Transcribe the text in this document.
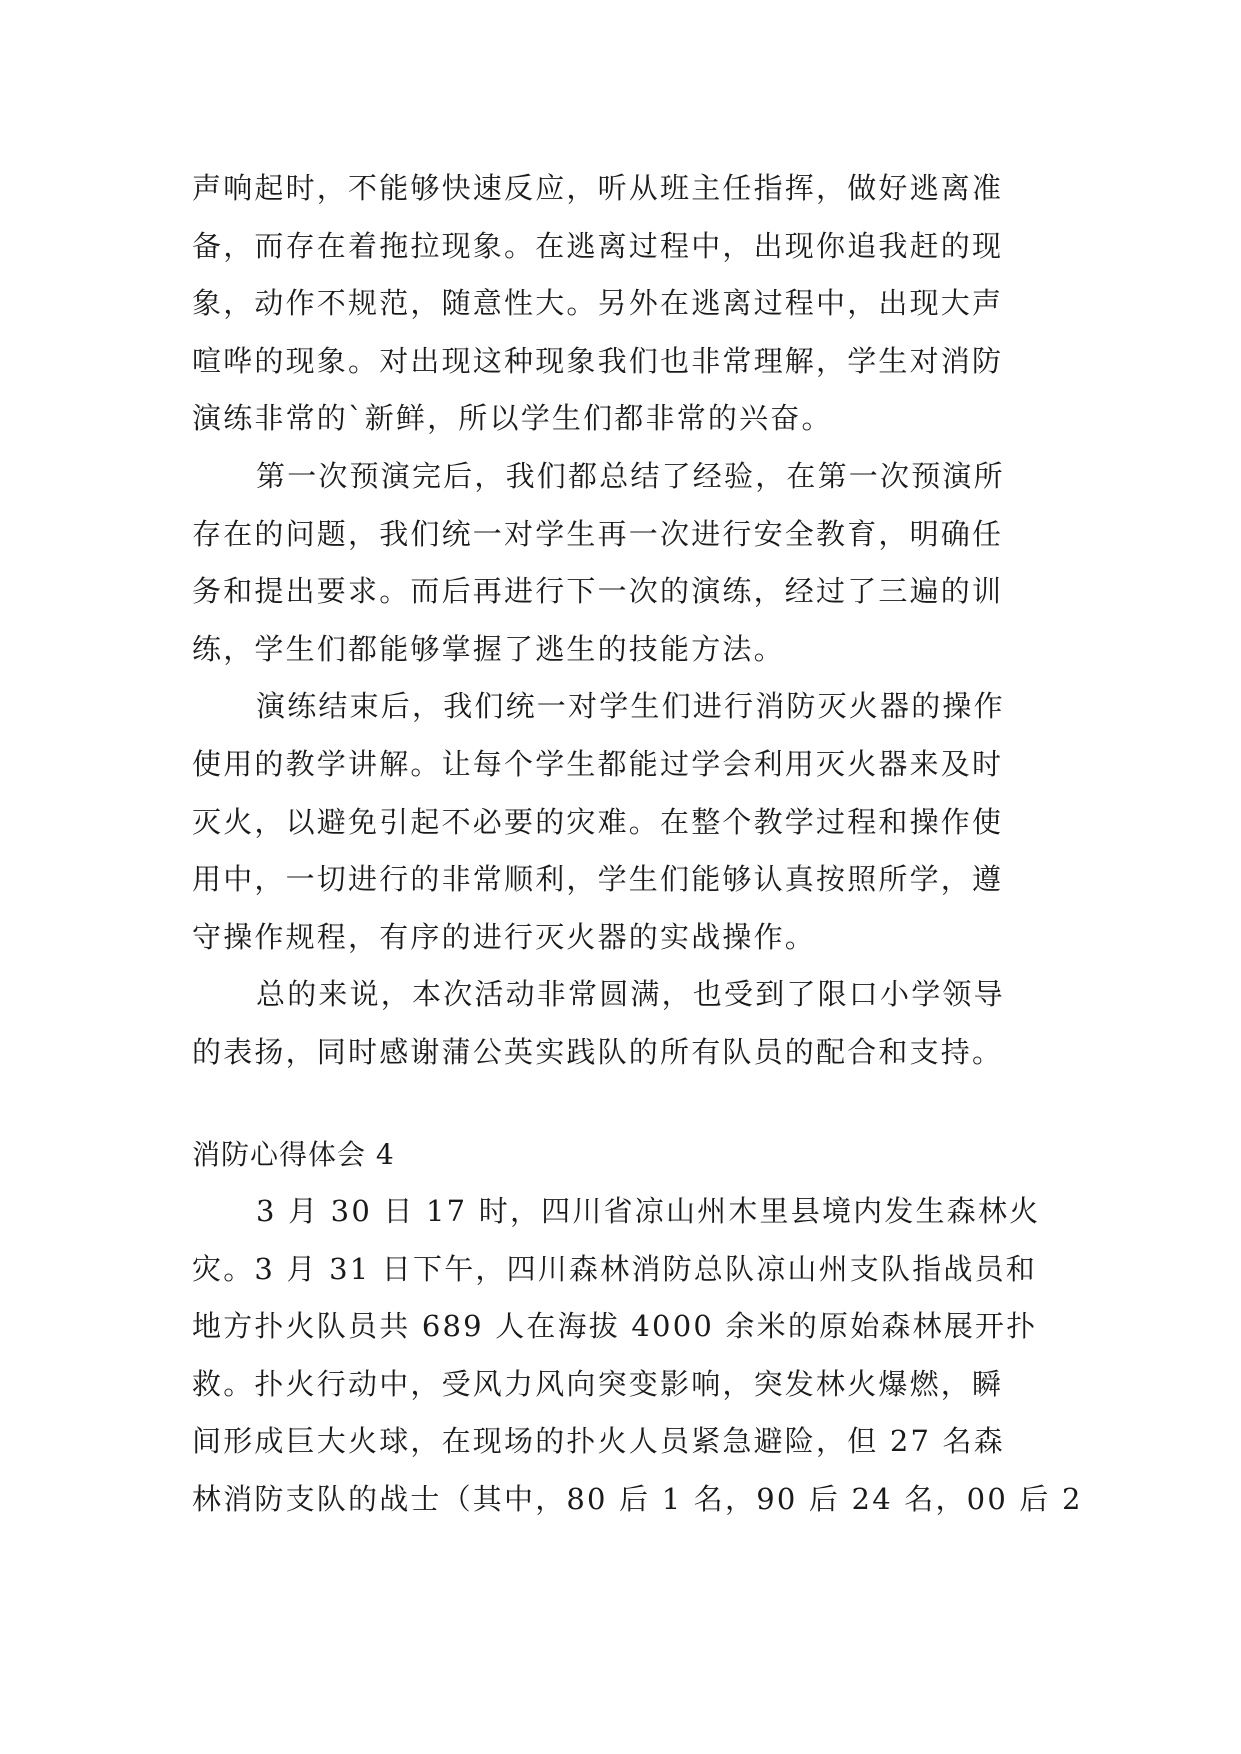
声响起时，不能够快速反应，听从班主任指挥，做好逃离准
备，而存在着拖拉现象。在逃离过程中，出现你追我赶的现
象，动作不规范，随意性大。另外在逃离过程中，出现大声
喧哗的现象。对出现这种现象我们也非常理解，学生对消防
演练非常的`新鲜，所以学生们都非常的兴奋。
第一次预演完后，我们都总结了经验，在第一次预演所
存在的问题，我们统一对学生再一次进行安全教育，明确任
务和提出要求。而后再进行下一次的演练，经过了三遍的训
练，学生们都能够掌握了逃生的技能方法。
演练结束后，我们统一对学生们进行消防灭火器的操作
使用的教学讲解。让每个学生都能过学会利用灭火器来及时
灭火，以避免引起不必要的灾难。在整个教学过程和操作使
用中，一切进行的非常顺利，学生们能够认真按照所学，遵
守操作规程，有序的进行灭火器的实战操作。
总的来说，本次活动非常圆满，也受到了限口小学领导
的表扬，同时感谢蒲公英实践队的所有队员的配合和支持。
消防心得体会 4
3 月 30 日 17 时，四川省凉山州木里县境内发生森林火
灾。3 月 31 日下午，四川森林消防总队凉山州支队指战员和
地方扑火队员共 689 人在海拔 4000 余米的原始森林展开扑
救。扑火行动中，受风力风向突变影响，突发林火爆燃，瞬
间形成巨大火球，在现场的扑火人员紧急避险，但 27 名森
林消防支队的战士（其中，80 后 1 名，90 后 24 名，00 后 2
